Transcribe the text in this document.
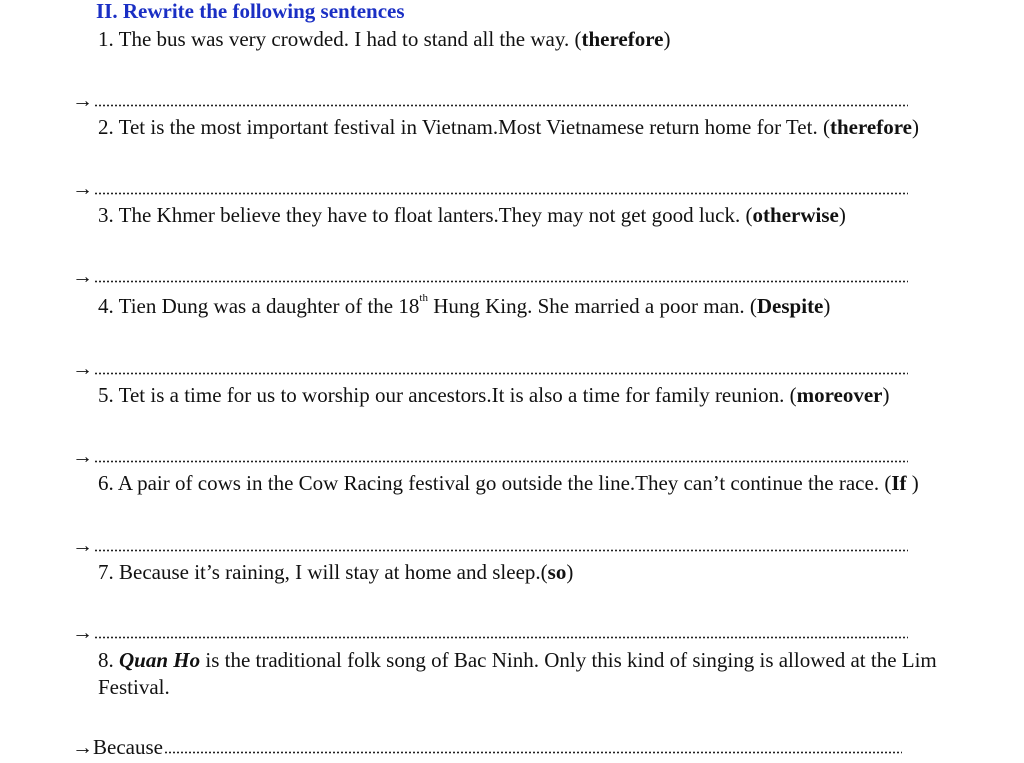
II. Rewrite the following sentences
1. The bus was very crowded. I had to stand all the way. (therefore)
→
2. Tet is the most important festival in Vietnam.Most Vietnamese return home for Tet. (therefore)
→
3. The Khmer believe they have to float lanters.They may not get good luck. (otherwise)
→
4. Tien Dung was a daughter of the 18th Hung King. She married a poor man. (Despite)
→
5. Tet is a time for us to worship our ancestors.It is also a time for family reunion. (moreover)
→
6. A pair of cows in the Cow Racing festival go outside the line.They can’t continue the race. (If )
→
7. Because it’s raining, I will stay at home and sleep.(so)
→
8. Quan Ho is the traditional folk song of Bac Ninh. Only this kind of singing is allowed at the Lim Festival.
→ Because
